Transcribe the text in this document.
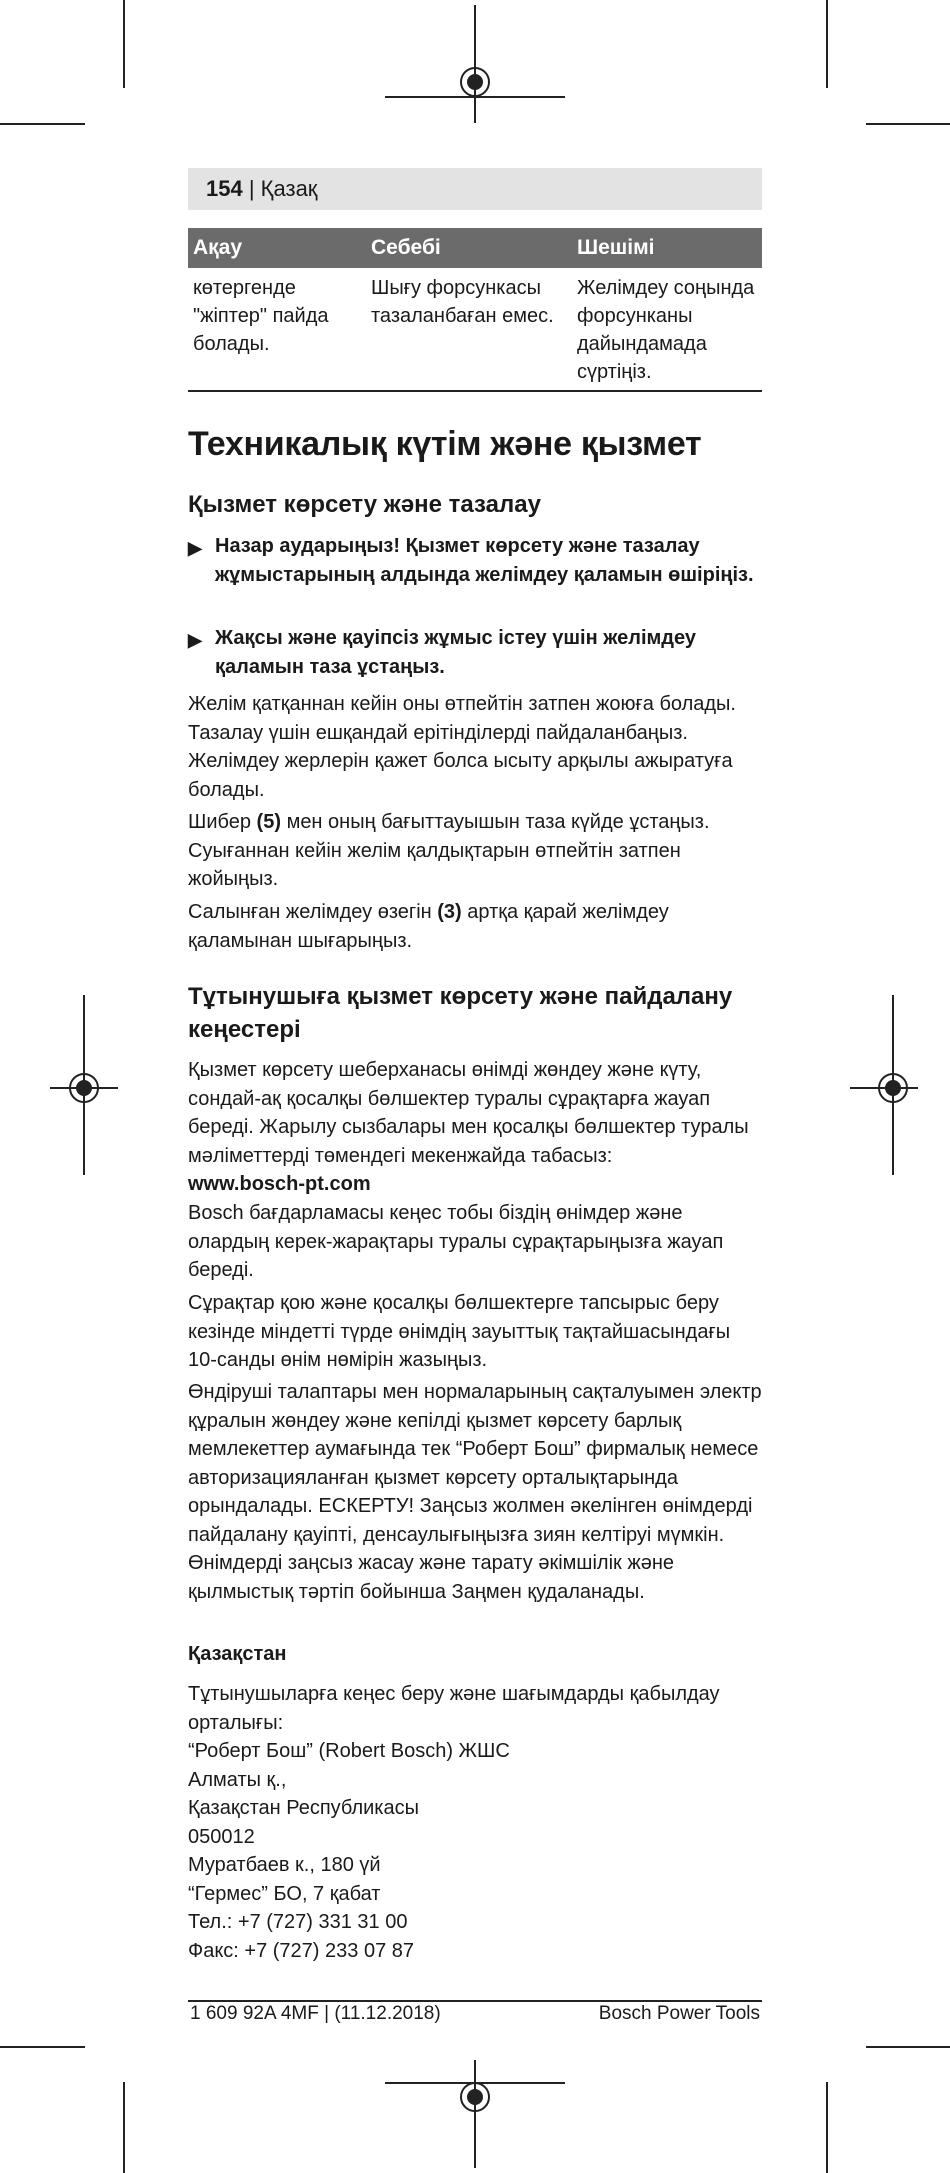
154 | Қазақ
Ақау	Себебі	Шешімі
көтергенде "жіптер" пайда болады.	Шығу форсункасы тазаланбаған емес.	Желімдеу соңында форсунканы дайындамада сүртіңіз.
Техникалық күтім және қызмет
Қызмет көрсету және тазалау
▶ Назар аударыңыз! Қызмет көрсету және тазалау жұмыстарының алдында желімдеу қаламын өшіріңіз.
▶ Жақсы және қауіпсіз жұмыс істеу үшін желімдеу қаламын таза ұстаңыз.
Желім қатқаннан кейін оны өтпейтін затпен жоюға болады. Тазалау үшін ешқандай ерітінділерді пайдаланбаңыз. Желімдеу жерлерін қажет болса ысыту арқылы ажыратуға болады.
Шибер (5) мен оның бағыттауышын таза күйде ұстаңыз. Суығаннан кейін желім қалдықтарын өтпейтін затпен жойыңыз.
Салынған желімдеу өзегін (3) артқа қарай желімдеу қаламынан шығарыңыз.
Тұтынушыға қызмет көрсету және пайдалану
кеңестері
Қызмет көрсету шеберханасы өнімді жөндеу және күту, сондай-ақ қосалқы бөлшектер туралы сұрақтарға жауап береді. Жарылу сызбалары мен қосалқы бөлшектер туралы мәліметтерді төмендегі мекенжайда табасыз:
www.bosch-pt.com
Bosch бағдарламасы кеңес тобы біздің өнімдер және олардың керек-жарақтары туралы сұрақтарыңызға жауап береді.
Сұрақтар қою және қосалқы бөлшектерге тапсырыс беру кезінде міндетті түрде өнімдің зауыттық тақтайшасындағы 10-санды өнім нөмірін жазыңыз.
Өндіруші талаптары мен нормаларының сақталуымен электр құралын жөндеу және кепілді қызмет көрсету барлық мемлекеттер аумағында тек “Роберт Бош” фирмалық немесе авторизацияланған қызмет көрсету орталықтарында орындалады. ЕСКЕРТУ! Заңсыз жолмен әкелінген өнімдерді пайдалану қауіпті, денсаулығыңызға зиян келтіруі мүмкін. Өнімдерді заңсыз жасау және тарату әкімшілік және қылмыстық тәртіп бойынша Заңмен қудаланады.
Қазақстан
Тұтынушыларға кеңес беру және шағымдарды қабылдау
орталығы:
“Роберт Бош” (Robert Bosch) ЖШС
Алматы қ.,
Қазақстан Республикасы
050012
Муратбаев к., 180 үй
“Гермес” БО, 7 қабат
Тел.: +7 (727) 331 31 00
Факс: +7 (727) 233 07 87
1 609 92A 4MF | (11.12.2018)	Bosch Power Tools
